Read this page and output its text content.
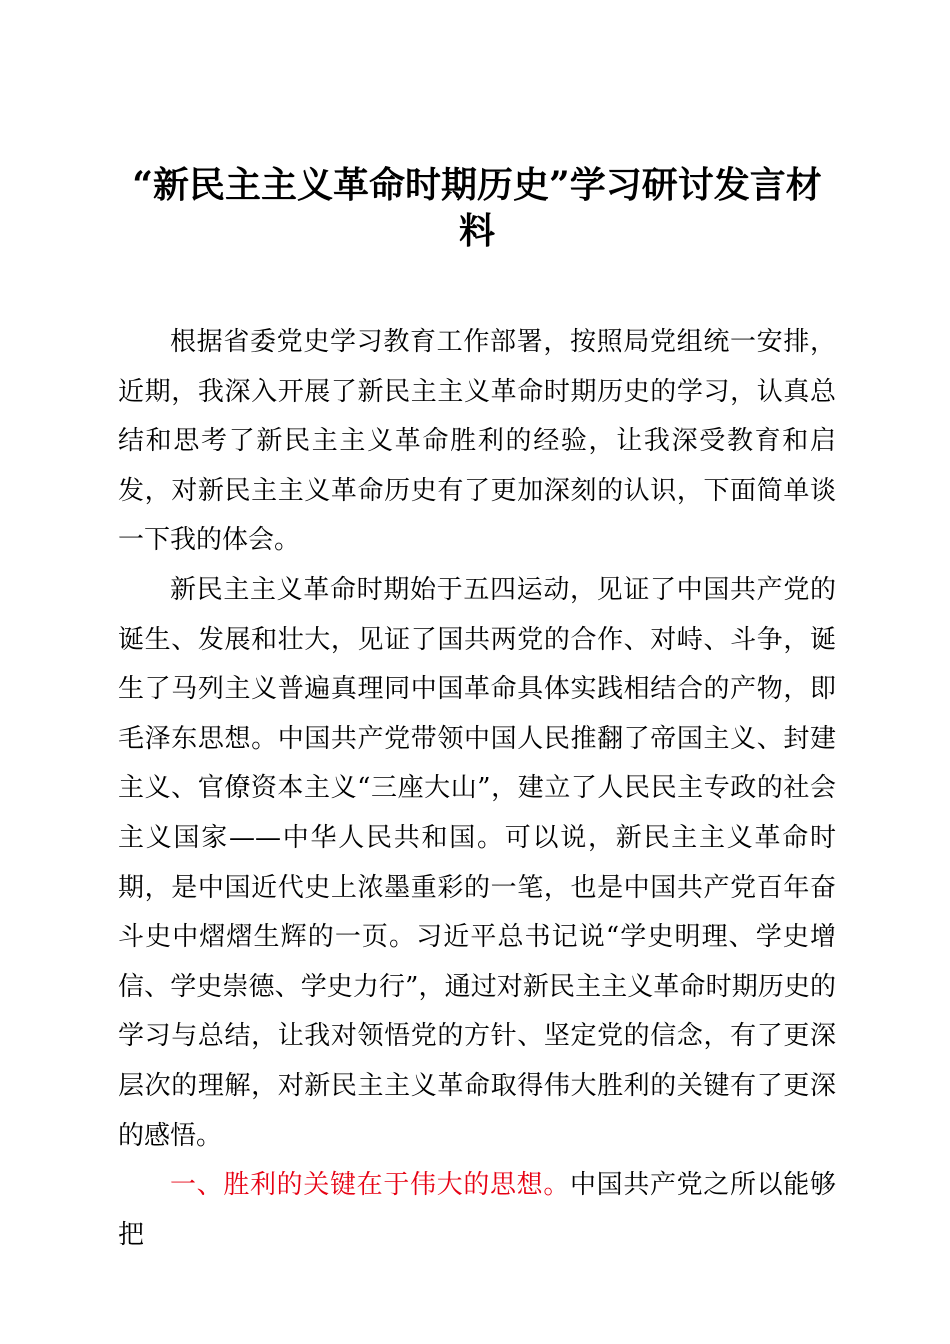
“新民主主义革命时期历史”学习研讨发言材料

根据省委党史学习教育工作部署，按照局党组统一安排，近期，我深入开展了新民主主义革命时期历史的学习，认真总结和思考了新民主主义革命胜利的经验，让我深受教育和启发，对新民主主义革命历史有了更加深刻的认识，下面简单谈一下我的体会。

新民主主义革命时期始于五四运动，见证了中国共产党的诞生、发展和壮大，见证了国共两党的合作、对峙、斗争，诞生了马列主义普遍真理同中国革命具体实践相结合的产物，即毛泽东思想。中国共产党带领中国人民推翻了帝国主义、封建主义、官僚资本主义“三座大山”，建立了人民民主专政的社会主义国家——中华人民共和国。可以说，新民主主义革命时期，是中国近代史上浓墨重彩的一笔，也是中国共产党百年奋斗史中熠熠生辉的一页。习近平总书记说“学史明理、学史增信、学史崇德、学史力行”，通过对新民主主义革命时期历史的学习与总结，让我对领悟党的方针、坚定党的信念，有了更深层次的理解，对新民主主义革命取得伟大胜利的关键有了更深的感悟。

一、胜利的关键在于伟大的思想。中国共产党之所以能够把
